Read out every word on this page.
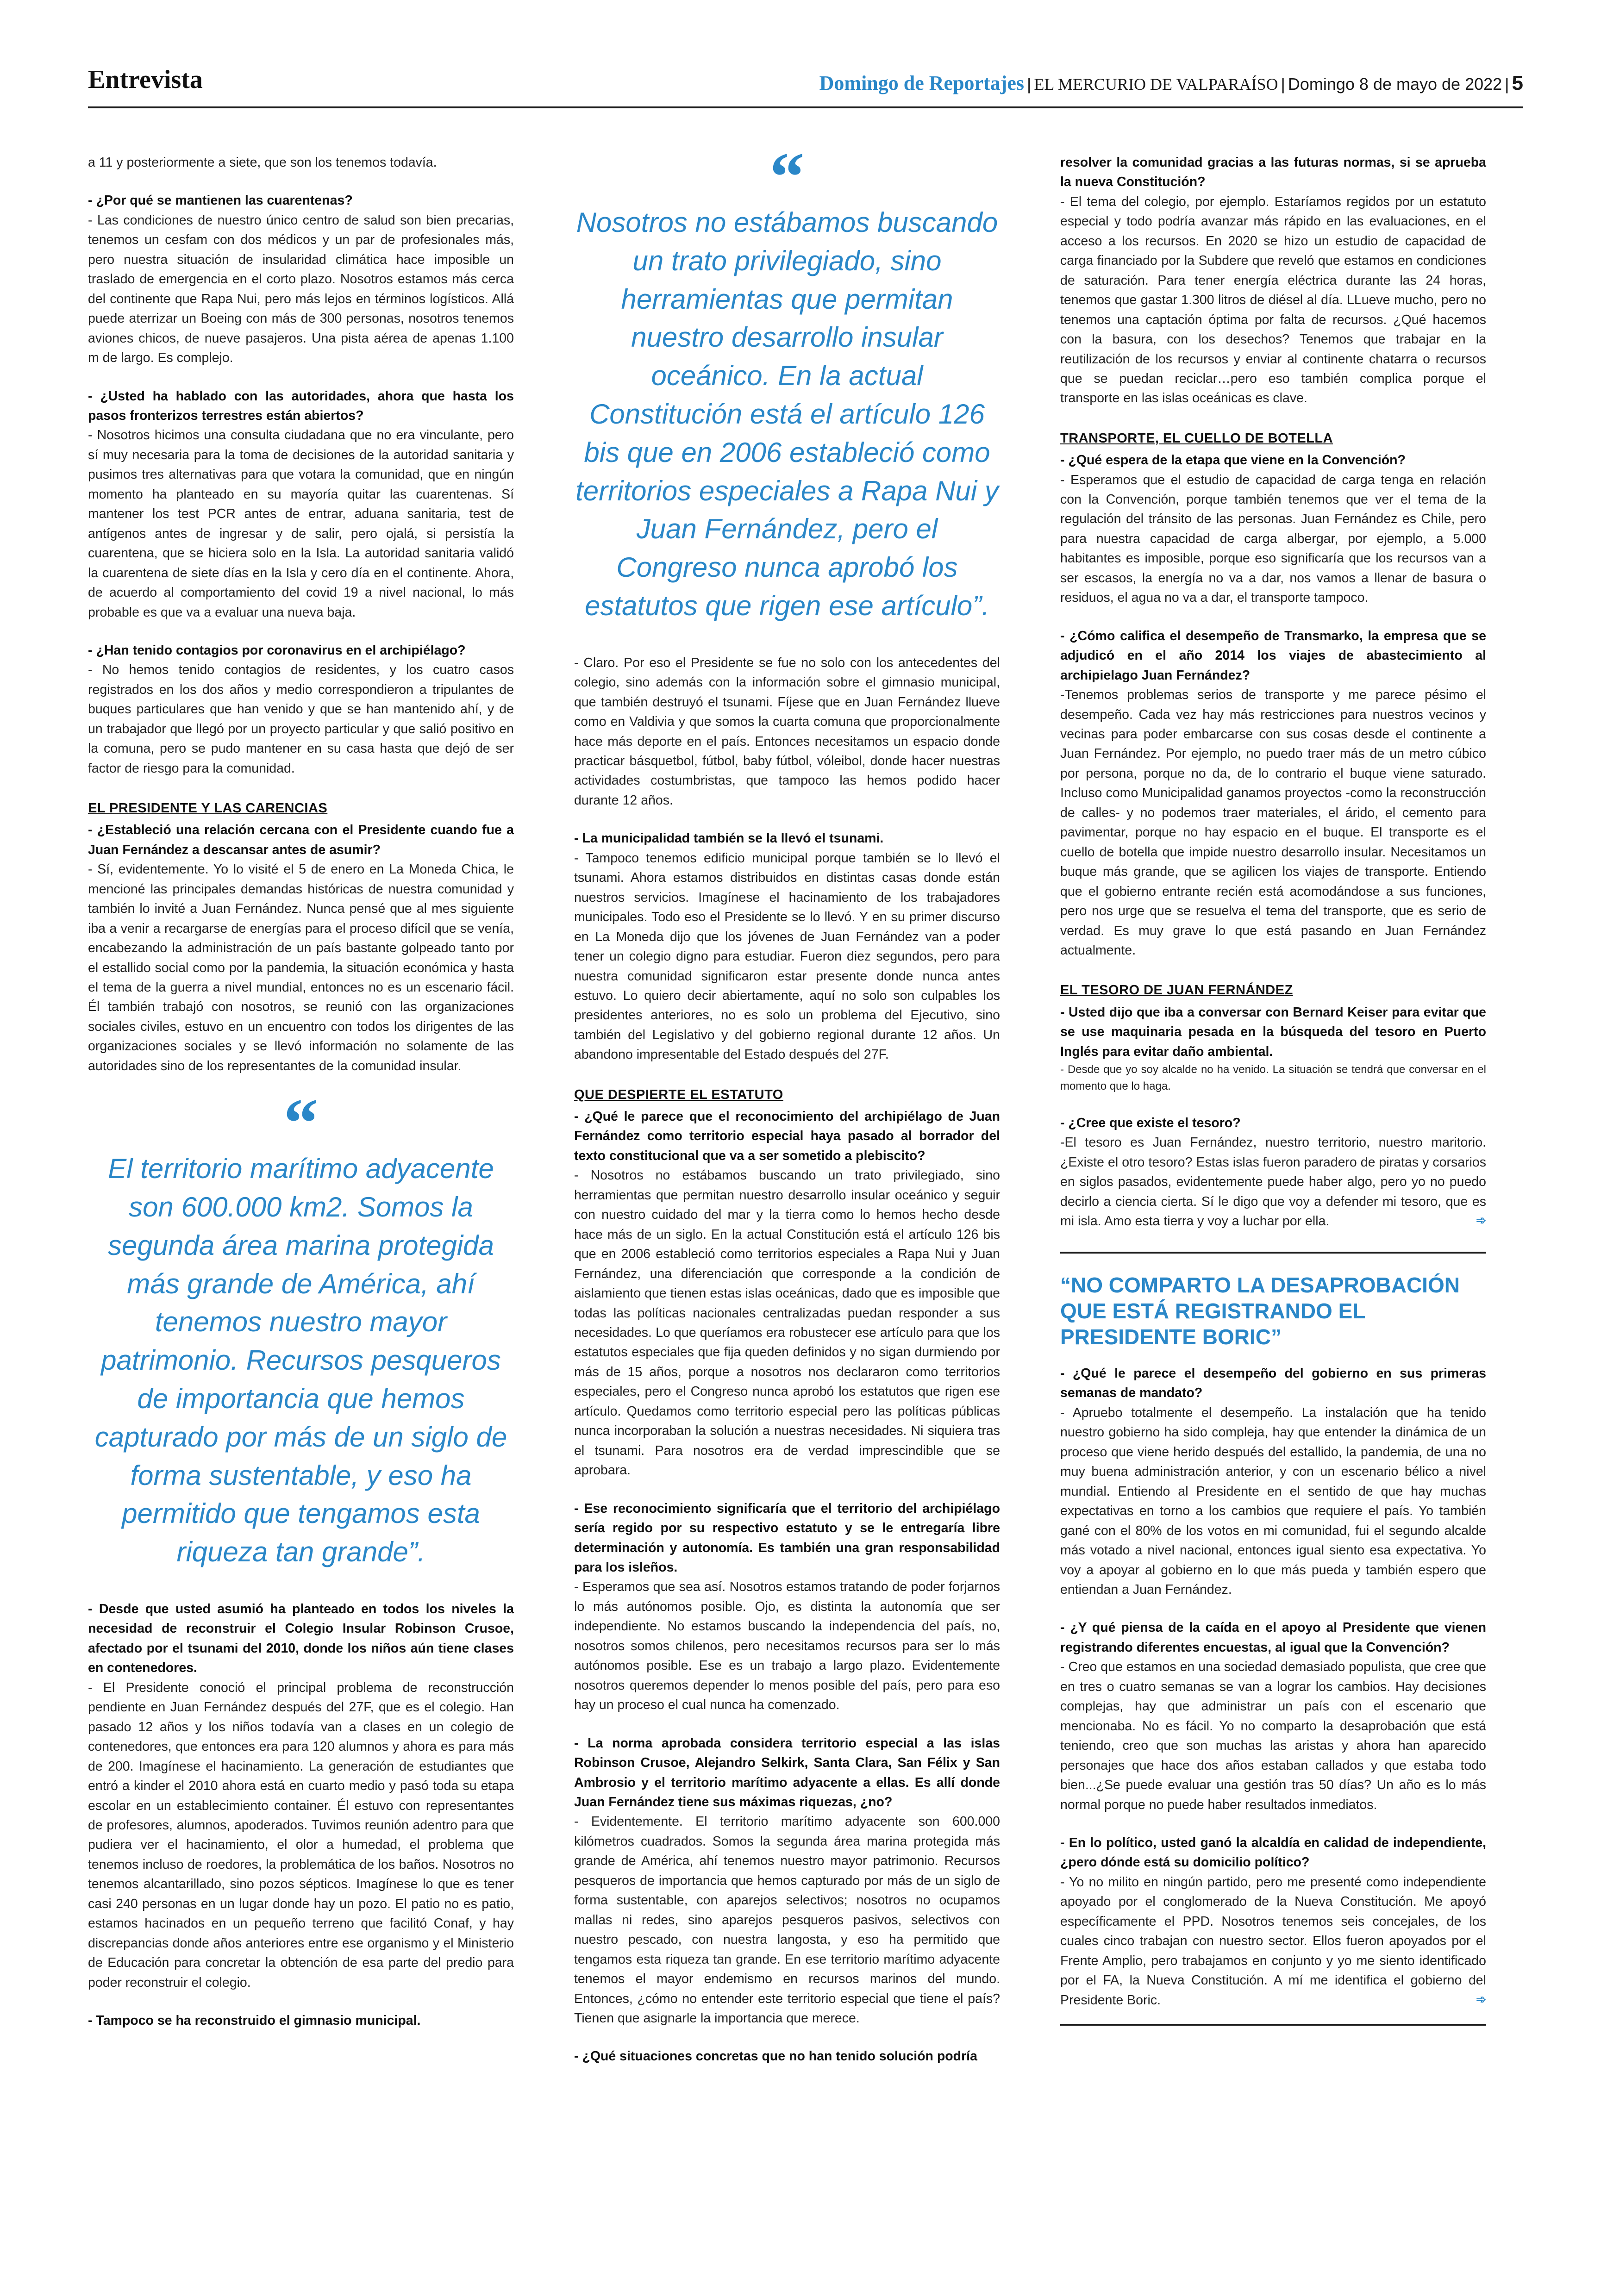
Entrevista	Domingo de Reportajes | EL MERCURIO DE VALPARAÍSO | Domingo 8 de mayo de 2022 | 5

a 11 y posteriormente a siete, que son los tenemos todavía.

- ¿Por qué se mantienen las cuarentenas?

- Las condiciones de nuestro único centro de salud son bien precarias, tenemos un cesfam con dos médicos y un par de profesionales más, pero nuestra situación de insularidad climática hace imposible un traslado de emergencia en el corto plazo. Nosotros estamos más cerca del continente que Rapa Nui, pero más lejos en términos logísticos. Allá puede aterrizar un Boeing con más de 300 personas, nosotros tenemos aviones chicos, de nueve pasajeros. Una pista aérea de apenas 1.100 m de largo. Es complejo.

- ¿Usted ha hablado con las autoridades, ahora que hasta los pasos fronterizos terrestres están abiertos?

- Nosotros hicimos una consulta ciudadana que no era vinculante, pero sí muy necesaria para la toma de decisiones de la autoridad sanitaria y pusimos tres alternativas para que votara la comunidad, que en ningún momento ha planteado en su mayoría quitar las cuarentenas. Sí mantener los test PCR antes de entrar, aduana sanitaria, test de antígenos antes de ingresar y de salir, pero ojalá, si persistía la cuarentena, que se hiciera solo en la Isla. La autoridad sanitaria validó la cuarentena de siete días en la Isla y cero día en el continente. Ahora, de acuerdo al comportamiento del covid 19 a nivel nacional, lo más probable es que va a evaluar una nueva baja.

- ¿Han tenido contagios por coronavirus en el archipiélago?

- No hemos tenido contagios de residentes, y los cuatro casos registrados en los dos años y medio correspondieron a tripulantes de buques particulares que han venido y que se han mantenido ahí, y de un trabajador que llegó por un proyecto particular y que salió positivo en la comuna, pero se pudo mantener en su casa hasta que dejó de ser factor de riesgo para la comunidad.

EL PRESIDENTE Y LAS CARENCIAS

- ¿Estableció una relación cercana con el Presidente cuando fue a Juan Fernández a descansar antes de asumir?

- Sí, evidentemente. Yo lo visité el 5 de enero en La Moneda Chica, le mencioné las principales demandas históricas de nuestra comunidad y también lo invité a Juan Fernández. Nunca pensé que al mes siguiente iba a venir a recargarse de energías para el proceso difícil que se venía, encabezando la administración de un país bastante golpeado tanto por el estallido social como por la pandemia, la situación económica y hasta el tema de la guerra a nivel mundial, entonces no es un escenario fácil. Él también trabajó con nosotros, se reunió con las organizaciones sociales civiles, estuvo en un encuentro con todos los dirigentes de las organizaciones sociales y se llevó información no solamente de las autoridades sino de los representantes de la comunidad insular.

“
El territorio marítimo adyacente son 600.000 km2. Somos la segunda área marina protegida más grande de América, ahí tenemos nuestro mayor patrimonio. Recursos pesqueros de importancia que hemos capturado por más de un siglo de forma sustentable, y eso ha permitido que tengamos esta riqueza tan grande”.

- Desde que usted asumió ha planteado en todos los niveles la necesidad de reconstruir el Colegio Insular Robinson Crusoe, afectado por el tsunami del 2010, donde los niños aún tiene clases en contenedores.

- El Presidente conoció el principal problema de reconstrucción pendiente en Juan Fernández después del 27F, que es el colegio. Han pasado 12 años y los niños todavía van a clases en un colegio de contenedores, que entonces era para 120 alumnos y ahora es para más de 200. Imagínese el hacinamiento. La generación de estudiantes que entró a kinder el 2010 ahora está en cuarto medio y pasó toda su etapa escolar en un establecimiento container. Él estuvo con representantes de profesores, alumnos, apoderados. Tuvimos reunión adentro para que pudiera ver el hacinamiento, el olor a humedad, el problema que tenemos incluso de roedores, la problemática de los baños. Nosotros no tenemos alcantarillado, sino pozos sépticos. Imagínese lo que es tener casi 240 personas en un lugar donde hay un pozo. El patio no es patio, estamos hacinados en un pequeño terreno que facilitó Conaf, y hay discrepancias donde años anteriores entre ese organismo y el Ministerio de Educación para concretar la obtención de esa parte del predio para poder reconstruir el colegio.

- Tampoco se ha reconstruido el gimnasio municipal.

“
Nosotros no estábamos buscando un trato privilegiado, sino herramientas que permitan nuestro desarrollo insular oceánico. En la actual Constitución está el artículo 126 bis que en 2006 estableció como territorios especiales a Rapa Nui y Juan Fernández, pero el Congreso nunca aprobó los estatutos que rigen ese artículo”.

- Claro. Por eso el Presidente se fue no solo con los antecedentes del colegio, sino además con la información sobre el gimnasio municipal, que también destruyó el tsunami. Fíjese que en Juan Fernández llueve como en Valdivia y que somos la cuarta comuna que proporcionalmente hace más deporte en el país. Entonces necesitamos un espacio donde practicar básquetbol, fútbol, baby fútbol, vóleibol, donde hacer nuestras actividades costumbristas, que tampoco las hemos podido hacer durante 12 años.

- La municipalidad también se la llevó el tsunami.

- Tampoco tenemos edificio municipal porque también se lo llevó el tsunami. Ahora estamos distribuidos en distintas casas donde están nuestros servicios. Imagínese el hacinamiento de los trabajadores municipales. Todo eso el Presidente se lo llevó. Y en su primer discurso en La Moneda dijo que los jóvenes de Juan Fernández van a poder tener un colegio digno para estudiar. Fueron diez segundos, pero para nuestra comunidad significaron estar presente donde nunca antes estuvo. Lo quiero decir abiertamente, aquí no solo son culpables los presidentes anteriores, no es solo un problema del Ejecutivo, sino también del Legislativo y del gobierno regional durante 12 años. Un abandono impresentable del Estado después del 27F.

QUE DESPIERTE EL ESTATUTO

- ¿Qué le parece que el reconocimiento del archipiélago de Juan Fernández como territorio especial haya pasado al borrador del texto constitucional que va a ser sometido a plebiscito?

- Nosotros no estábamos buscando un trato privilegiado, sino herramientas que permitan nuestro desarrollo insular oceánico y seguir con nuestro cuidado del mar y la tierra como lo hemos hecho desde hace más de un siglo. En la actual Constitución está el artículo 126 bis que en 2006 estableció como territorios especiales a Rapa Nui y Juan Fernández, una diferenciación que corresponde a la condición de aislamiento que tienen estas islas oceánicas, dado que es imposible que todas las políticas nacionales centralizadas puedan responder a sus necesidades. Lo que queríamos era robustecer ese artículo para que los estatutos especiales que fija queden definidos y no sigan durmiendo por más de 15 años, porque a nosotros nos declararon como territorios especiales, pero el Congreso nunca aprobó los estatutos que rigen ese artículo. Quedamos como territorio especial pero las políticas públicas nunca incorporaban la solución a nuestras necesidades. Ni siquiera tras el tsunami. Para nosotros era de verdad imprescindible que se aprobara.

- Ese reconocimiento significaría que el territorio del archipiélago sería regido por su respectivo estatuto y se le entregaría libre determinación y autonomía. Es también una gran responsabilidad para los isleños.

- Esperamos que sea así. Nosotros estamos tratando de poder forjarnos lo más autónomos posible. Ojo, es distinta la autonomía que ser independiente. No estamos buscando la independencia del país, no, nosotros somos chilenos, pero necesitamos recursos para ser lo más autónomos posible. Ese es un trabajo a largo plazo. Evidentemente nosotros queremos depender lo menos posible del país, pero para eso hay un proceso el cual nunca ha comenzado.

- La norma aprobada considera territorio especial a las islas Robinson Crusoe, Alejandro Selkirk, Santa Clara, San Félix y San Ambrosio y el territorio marítimo adyacente a ellas. Es allí donde Juan Fernández tiene sus máximas riquezas, ¿no?

- Evidentemente. El territorio marítimo adyacente son 600.000 kilómetros cuadrados. Somos la segunda área marina protegida más grande de América, ahí tenemos nuestro mayor patrimonio. Recursos pesqueros de importancia que hemos capturado por más de un siglo de forma sustentable, con aparejos selectivos; nosotros no ocupamos mallas ni redes, sino aparejos pesqueros pasivos, selectivos con nuestro pescado, con nuestra langosta, y eso ha permitido que tengamos esta riqueza tan grande. En ese territorio marítimo adyacente tenemos el mayor endemismo en recursos marinos del mundo. Entonces, ¿cómo no entender este territorio especial que tiene el país? Tienen que asignarle la importancia que merece.

- ¿Qué situaciones concretas que no han tenido solución podría

resolver la comunidad gracias a las futuras normas, si se aprueba la nueva Constitución?

- El tema del colegio, por ejemplo. Estaríamos regidos por un estatuto especial y todo podría avanzar más rápido en las evaluaciones, en el acceso a los recursos. En 2020 se hizo un estudio de capacidad de carga financiado por la Subdere que reveló que estamos en condiciones de saturación. Para tener energía eléctrica durante las 24 horas, tenemos que gastar 1.300 litros de diésel al día. LLueve mucho, pero no tenemos una captación óptima por falta de recursos. ¿Qué hacemos con la basura, con los desechos? Tenemos que trabajar en la reutilización de los recursos y enviar al continente chatarra o recursos que se puedan reciclar…pero eso también complica porque el transporte en las islas oceánicas es clave.

TRANSPORTE, EL CUELLO DE BOTELLA

- ¿Qué espera de la etapa que viene en la Convención?

- Esperamos que el estudio de capacidad de carga tenga en relación con la Convención, porque también tenemos que ver el tema de la regulación del tránsito de las personas. Juan Fernández es Chile, pero para nuestra capacidad de carga albergar, por ejemplo, a 5.000 habitantes es imposible, porque eso significaría que los recursos van a ser escasos, la energía no va a dar, nos vamos a llenar de basura o residuos, el agua no va a dar, el transporte tampoco.

- ¿Cómo califica el desempeño de Transmarko, la empresa que se adjudicó en el año 2014 los viajes de abastecimiento al archipielago Juan Fernández?

-Tenemos problemas serios de transporte y me parece pésimo el desempeño. Cada vez hay más restricciones para nuestros vecinos y vecinas para poder embarcarse con sus cosas desde el continente a Juan Fernández. Por ejemplo, no puedo traer más de un metro cúbico por persona, porque no da, de lo contrario el buque viene saturado. Incluso como Municipalidad ganamos proyectos -como la reconstrucción de calles- y no podemos traer materiales, el árido, el cemento para pavimentar, porque no hay espacio en el buque. El transporte es el cuello de botella que impide nuestro desarrollo insular. Necesitamos un buque más grande, que se agilicen los viajes de transporte. Entiendo que el gobierno entrante recién está acomodándose a sus funciones, pero nos urge que se resuelva el tema del transporte, que es serio de verdad. Es muy grave lo que está pasando en Juan Fernández actualmente.

EL TESORO DE JUAN FERNÁNDEZ

- Usted dijo que iba a conversar con Bernard Keiser para evitar que se use maquinaria pesada en la búsqueda del tesoro en Puerto Inglés para evitar daño ambiental.

- Desde que yo soy alcalde no ha venido. La situación se tendrá que conversar en el momento que lo haga.

- ¿Cree que existe el tesoro?

-El tesoro es Juan Fernández, nuestro territorio, nuestro maritorio. ¿Existe el otro tesoro? Estas islas fueron paradero de piratas y corsarios en siglos pasados, evidentemente puede haber algo, pero yo no puedo decirlo a ciencia cierta. Sí le digo que voy a defender mi tesoro, que es mi isla. Amo esta tierra y voy a luchar por ella.	➾

“NO COMPARTO LA DESAPROBACIÓN QUE ESTÁ REGISTRANDO EL PRESIDENTE BORIC”

- ¿Qué le parece el desempeño del gobierno en sus primeras semanas de mandato?

- Apruebo totalmente el desempeño. La instalación que ha tenido nuestro gobierno ha sido compleja, hay que entender la dinámica de un proceso que viene herido después del estallido, la pandemia, de una no muy buena administración anterior, y con un escenario bélico a nivel mundial. Entiendo al Presidente en el sentido de que hay muchas expectativas en torno a los cambios que requiere el país. Yo también gané con el 80% de los votos en mi comunidad, fui el segundo alcalde más votado a nivel nacional, entonces igual siento esa expectativa. Yo voy a apoyar al gobierno en lo que más pueda y también espero que entiendan a Juan Fernández.

- ¿Y qué piensa de la caída en el apoyo al Presidente que vienen registrando diferentes encuestas, al igual que la Convención?

- Creo que estamos en una sociedad demasiado populista, que cree que en tres o cuatro semanas se van a lograr los cambios. Hay decisiones complejas, hay que administrar un país con el escenario que mencionaba. No es fácil. Yo no comparto la desaprobación que está teniendo, creo que son muchas las aristas y ahora han aparecido personajes que hace dos años estaban callados y que estaba todo bien...¿Se puede evaluar una gestión tras 50 días? Un año es lo más normal porque no puede haber resultados inmediatos.

- En lo político, usted ganó la alcaldía en calidad de independiente, ¿pero dónde está su domicilio político?

- Yo no milito en ningún partido, pero me presenté como independiente apoyado por el conglomerado de la Nueva Constitución. Me apoyó específicamente el PPD. Nosotros tenemos seis concejales, de los cuales cinco trabajan con nuestro sector. Ellos fueron apoyados por el Frente Amplio, pero trabajamos en conjunto y yo me siento identificado por el FA, la Nueva Constitución. A mí me identifica el gobierno del Presidente Boric.	➾
